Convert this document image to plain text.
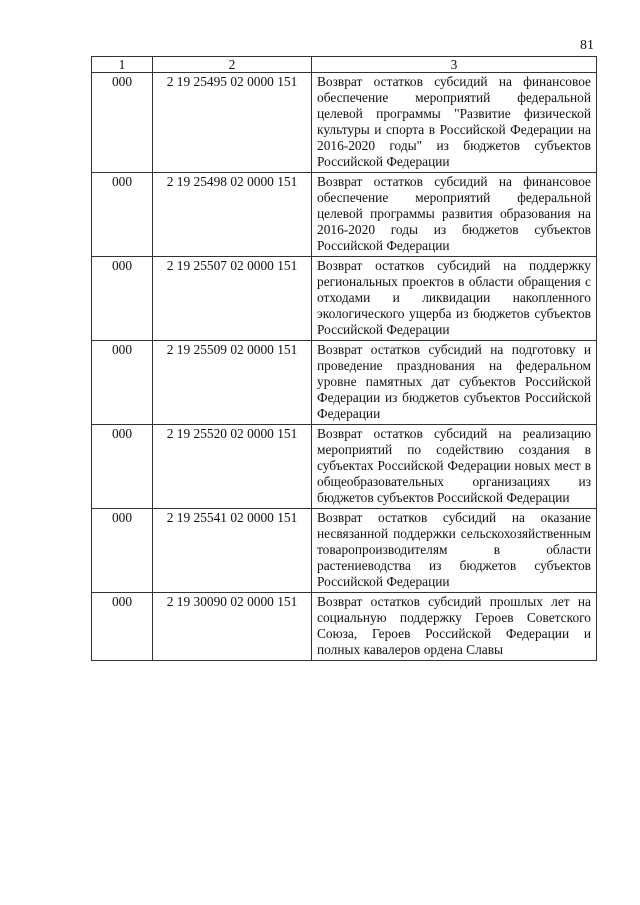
81
1	2	3
000	2 19 25495 02 0000 151	Возврат остатков субсидий на финансовое обеспечение мероприятий федеральной целевой программы "Развитие физической культуры и спорта в Российской Федерации на 2016-2020 годы" из бюджетов субъектов Российской Федерации
000	2 19 25498 02 0000 151	Возврат остатков субсидий на финансовое обеспечение мероприятий федеральной целевой программы развития образования на 2016-2020 годы из бюджетов субъектов Российской Федерации
000	2 19 25507 02 0000 151	Возврат остатков субсидий на поддержку региональных проектов в области обращения с отходами и ликвидации накопленного экологического ущерба из бюджетов субъектов Российской Федерации
000	2 19 25509 02 0000 151	Возврат остатков субсидий на подготовку и проведение празднования на федеральном уровне памятных дат субъектов Российской Федерации из бюджетов субъектов Российской Федерации
000	2 19 25520 02 0000 151	Возврат остатков субсидий на реализацию мероприятий по содействию создания в субъектах Российской Федерации новых мест в общеобразовательных организациях из бюджетов субъектов Российской Федерации
000	2 19 25541 02 0000 151	Возврат остатков субсидий на оказание несвязанной поддержки сельскохозяйственным товаропроизводителям в области растениеводства из бюджетов субъектов Российской Федерации
000	2 19 30090 02 0000 151	Возврат остатков субсидий прошлых лет на социальную поддержку Героев Советского Союза, Героев Российской Федерации и полных кавалеров ордена Славы
